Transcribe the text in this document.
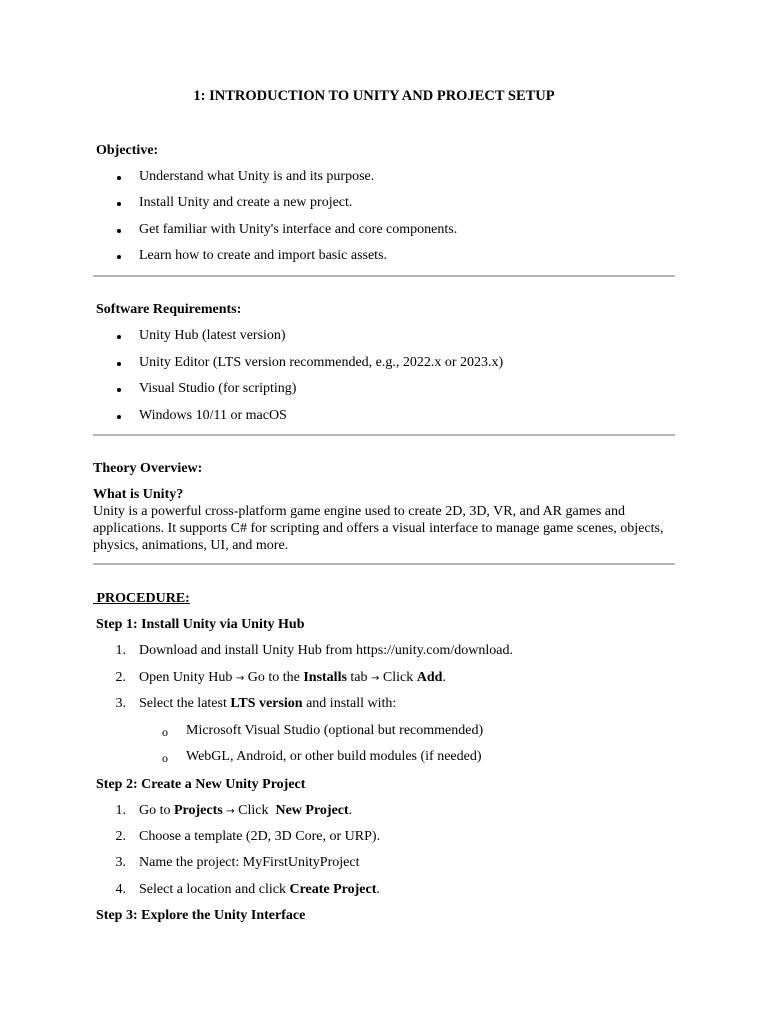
1: INTRODUCTION TO UNITY AND PROJECT SETUP
Objective:
Understand what Unity is and its purpose.
Install Unity and create a new project.
Get familiar with Unity's interface and core components.
Learn how to create and import basic assets.
Software Requirements:
Unity Hub (latest version)
Unity Editor (LTS version recommended, e.g., 2022.x or 2023.x)
Visual Studio (for scripting)
Windows 10/11 or macOS
Theory Overview:
What is Unity?
Unity is a powerful cross-platform game engine used to create 2D, 3D, VR, and AR games and applications. It supports C# for scripting and offers a visual interface to manage game scenes, objects, physics, animations, UI, and more.
PROCEDURE:
Step 1: Install Unity via Unity Hub
1. Download and install Unity Hub from https://unity.com/download.
2. Open Unity Hub → Go to the Installs tab → Click Add.
3. Select the latest LTS version and install with:
o Microsoft Visual Studio (optional but recommended)
o WebGL, Android, or other build modules (if needed)
Step 2: Create a New Unity Project
1. Go to Projects → Click  New Project.
2. Choose a template (2D, 3D Core, or URP).
3. Name the project: MyFirstUnityProject
4. Select a location and click Create Project.
Step 3: Explore the Unity Interface
